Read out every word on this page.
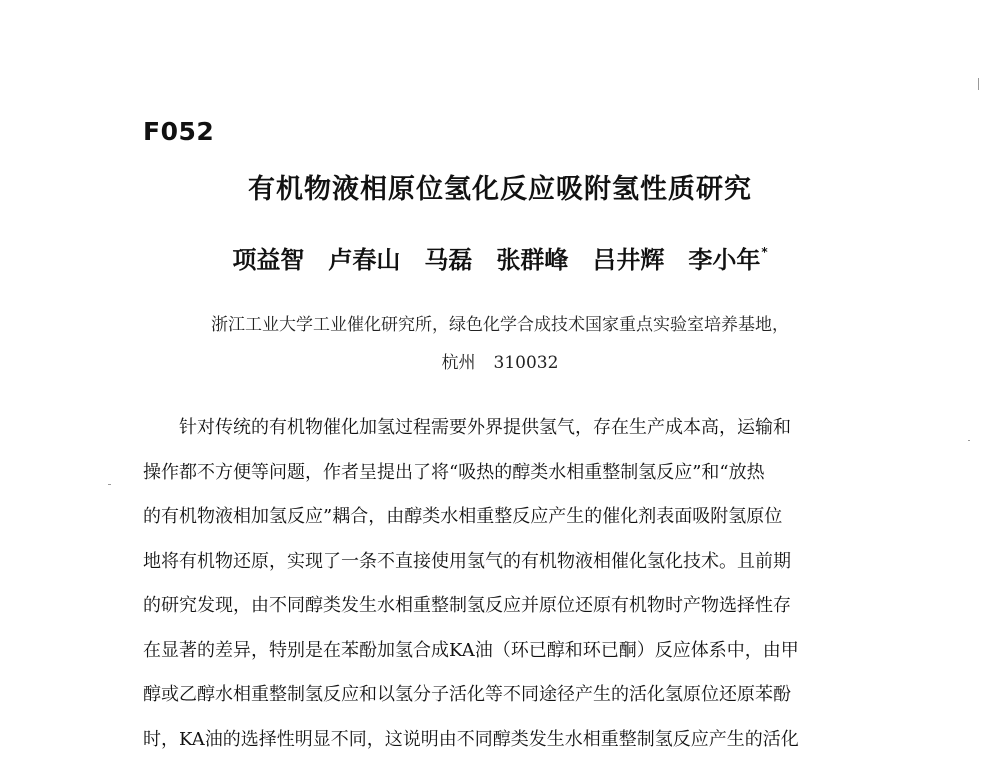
F052
有机物液相原位氢化反应吸附氢性质研究
项益智 卢春山 马磊 张群峰 吕井辉 李小年*
浙江工业大学工业催化研究所，绿色化学合成技术国家重点实验室培养基地，
杭州 310032
针对传统的有机物催化加氢过程需要外界提供氢气，存在生产成本高，运输和
操作都不方便等问题，作者呈提出了将“吸热的醇类水相重整制氢反应”和“放热
的有机物液相加氢反应”耦合，由醇类水相重整反应产生的催化剂表面吸附氢原位
地将有机物还原，实现了一条不直接使用氢气的有机物液相催化氢化技术。且前期
的研究发现，由不同醇类发生水相重整制氢反应并原位还原有机物时产物选择性存
在显著的差异，特别是在苯酚加氢合成KA油（环已醇和环已酮）反应体系中，由甲
醇或乙醇水相重整制氢反应和以氢分子活化等不同途径产生的活化氢原位还原苯酚
时，KA油的选择性明显不同，这说明由不同醇类发生水相重整制氢反应产生的活化
